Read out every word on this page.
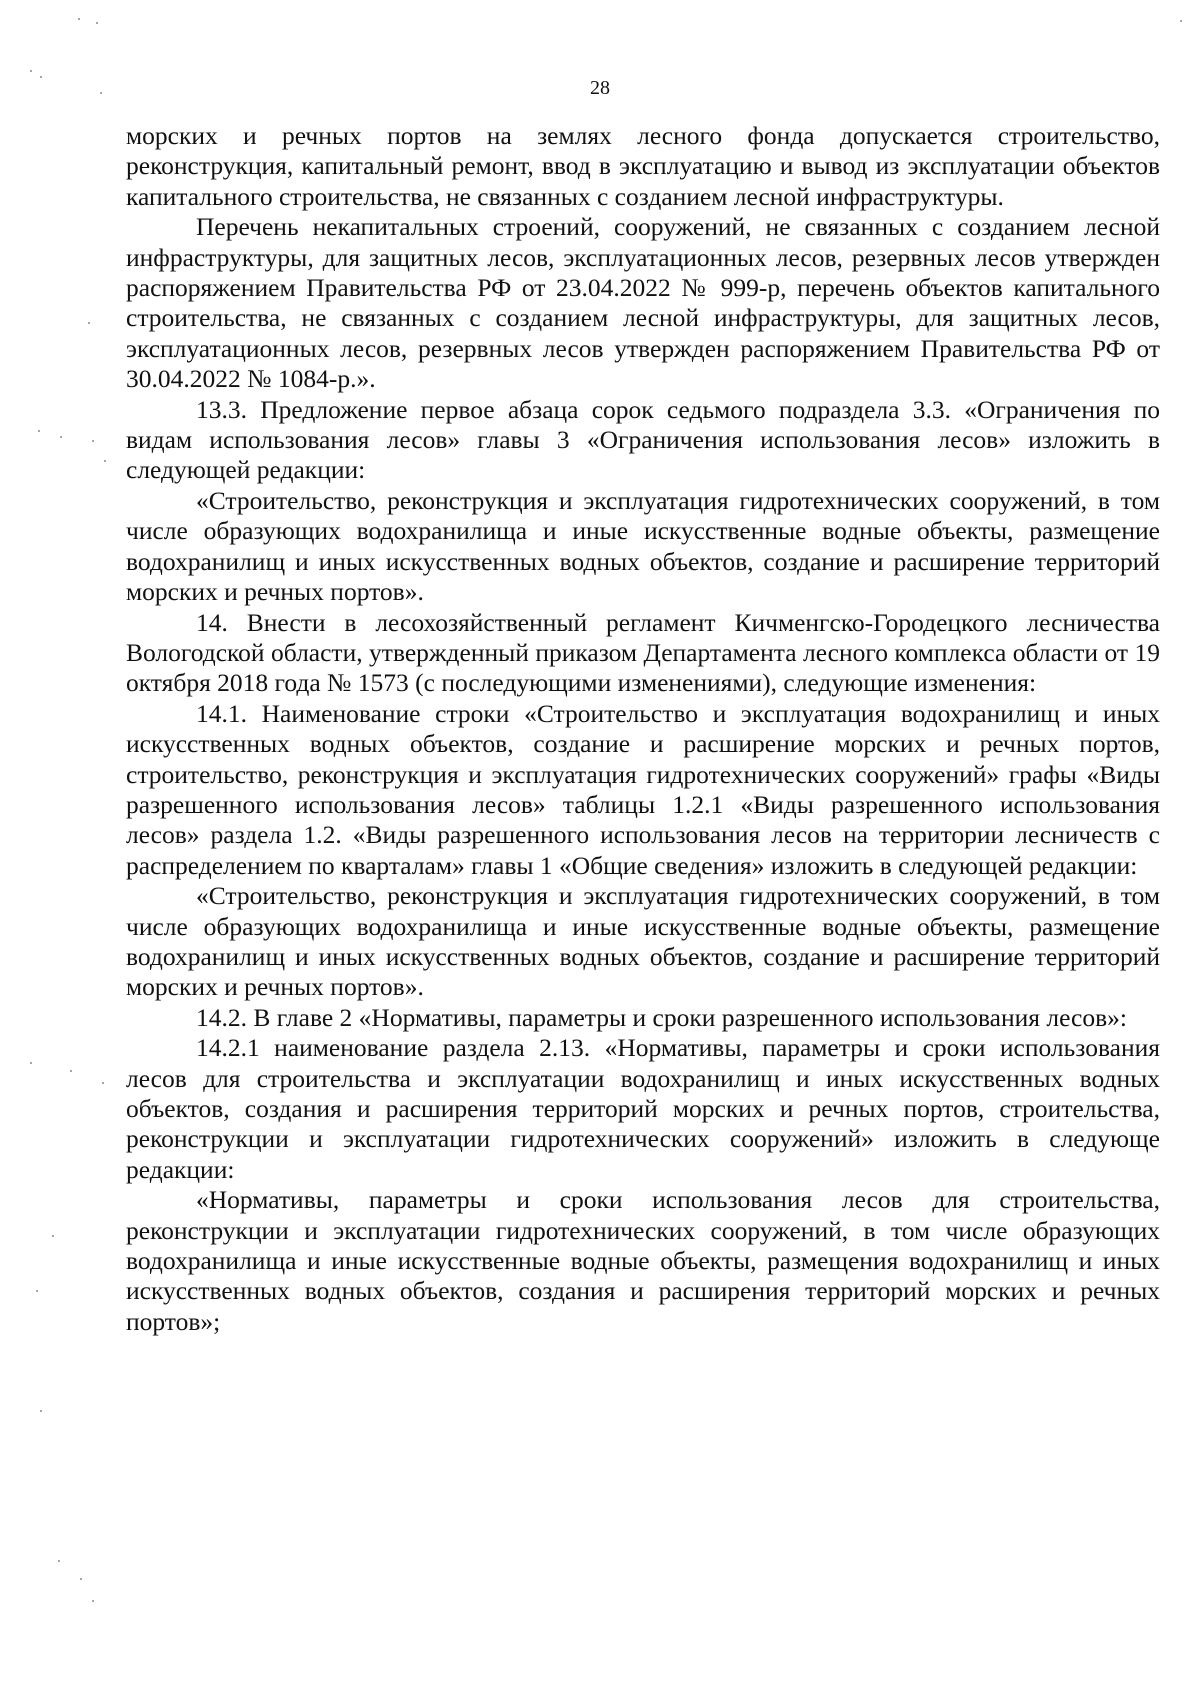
28

морских и речных портов на землях лесного фонда допускается строительство, реконструкция, капитальный ремонт, ввод в эксплуатацию и вывод из эксплуатации объектов капитального строительства, не связанных с созданием лесной инфраструктуры.

Перечень некапитальных строений, сооружений, не связанных с созданием лесной инфраструктуры, для защитных лесов, эксплуатационных лесов, резервных лесов утвержден распоряжением Правительства РФ от 23.04.2022 № 999-р, перечень объектов капитального строительства, не связанных с созданием лесной инфраструктуры, для защитных лесов, эксплуатационных лесов, резервных лесов утвержден распоряжением Правительства РФ от 30.04.2022 № 1084-р.».

13.3. Предложение первое абзаца сорок седьмого подраздела 3.3. «Ограничения по видам использования лесов» главы 3 «Ограничения использования лесов» изложить в следующей редакции:

«Строительство, реконструкция и эксплуатация гидротехнических сооружений, в том числе образующих водохранилища и иные искусственные водные объекты, размещение водохранилищ и иных искусственных водных объектов, создание и расширение территорий морских и речных портов».

14. Внести в лесохозяйственный регламент Кичменгско-Городецкого лесничества Вологодской области, утвержденный приказом Департамента лесного комплекса области от 19 октября 2018 года № 1573 (с последующими изменениями), следующие изменения:

14.1. Наименование строки «Строительство и эксплуатация водохранилищ и иных искусственных водных объектов, создание и расширение морских и речных портов, строительство, реконструкция и эксплуатация гидротехнических сооружений» графы «Виды разрешенного использования лесов» таблицы 1.2.1 «Виды разрешенного использования лесов» раздела 1.2. «Виды разрешенного использования лесов на территории лесничеств с распределением по кварталам» главы 1 «Общие сведения» изложить в следующей редакции:

«Строительство, реконструкция и эксплуатация гидротехнических сооружений, в том числе образующих водохранилища и иные искусственные водные объекты, размещение водохранилищ и иных искусственных водных объектов, создание и расширение территорий морских и речных портов».

14.2. В главе 2 «Нормативы, параметры и сроки разрешенного использования лесов»:

14.2.1 наименование раздела 2.13. «Нормативы, параметры и сроки использования лесов для строительства и эксплуатации водохранилищ и иных искусственных водных объектов, создания и расширения территорий морских и речных портов, строительства, реконструкции и эксплуатации гидротехнических сооружений» изложить в следующе редакции:

«Нормативы, параметры и сроки использования лесов для строительства, реконструкции и эксплуатации гидротехнических сооружений, в том числе образующих водохранилища и иные искусственные водные объекты, размещения водохранилищ и иных искусственных водных объектов, создания и расширения территорий морских и речных портов»;
